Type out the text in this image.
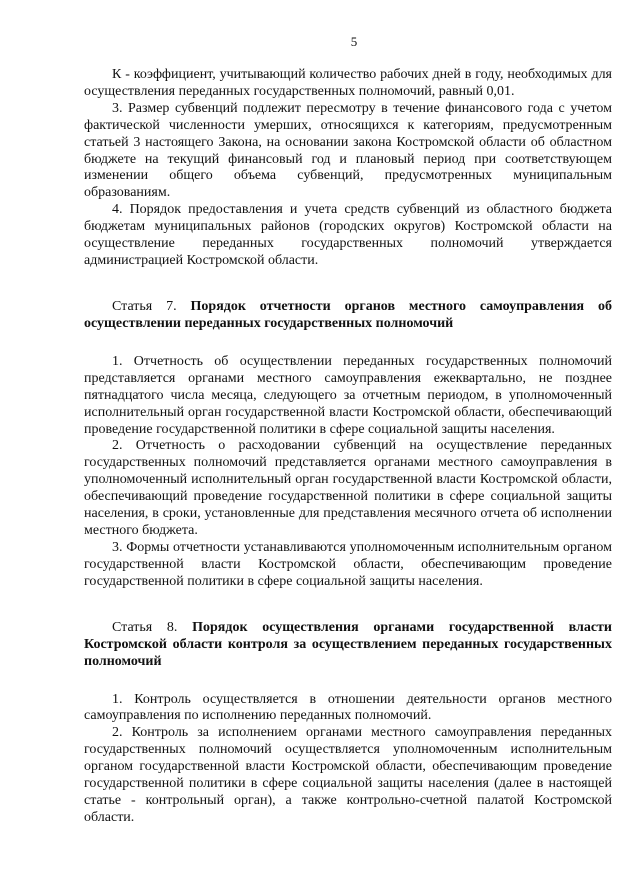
5

К - коэффициент, учитывающий количество рабочих дней в году, необходимых для осуществления переданных государственных полномочий, равный 0,01.

3. Размер субвенций подлежит пересмотру в течение финансового года с учетом фактической численности умерших, относящихся к категориям, предусмотренным статьей 3 настоящего Закона, на основании закона Костромской области об областном бюджете на текущий финансовый год и плановый период при соответствующем изменении общего объема субвенций, предусмотренных муниципальным образованиям.

4. Порядок предоставления и учета средств субвенций из областного бюджета бюджетам муниципальных районов (городских округов) Костромской области на осуществление переданных государственных полномочий утверждается администрацией Костромской области.

Статья 7. Порядок отчетности органов местного самоуправления об осуществлении переданных государственных полномочий

1. Отчетность об осуществлении переданных государственных полномочий представляется органами местного самоуправления ежеквартально, не позднее пятнадцатого числа месяца, следующего за отчетным периодом, в уполномоченный исполнительный орган государственной власти Костромской области, обеспечивающий проведение государственной политики в сфере социальной защиты населения.

2. Отчетность о расходовании субвенций на осуществление переданных государственных полномочий представляется органами местного самоуправления в уполномоченный исполнительный орган государственной власти Костромской области, обеспечивающий проведение государственной политики в сфере социальной защиты населения, в сроки, установленные для представления месячного отчета об исполнении местного бюджета.

3. Формы отчетности устанавливаются уполномоченным исполнительным органом государственной власти Костромской области, обеспечивающим проведение государственной политики в сфере социальной защиты населения.

Статья 8. Порядок осуществления органами государственной власти Костромской области контроля за осуществлением переданных государственных полномочий

1. Контроль осуществляется в отношении деятельности органов местного самоуправления по исполнению переданных полномочий.

2. Контроль за исполнением органами местного самоуправления переданных государственных полномочий осуществляется уполномоченным исполнительным органом государственной власти Костромской области, обеспечивающим проведение государственной политики в сфере социальной защиты населения (далее в настоящей статье - контрольный орган), а также контрольно-счетной палатой Костромской области.
